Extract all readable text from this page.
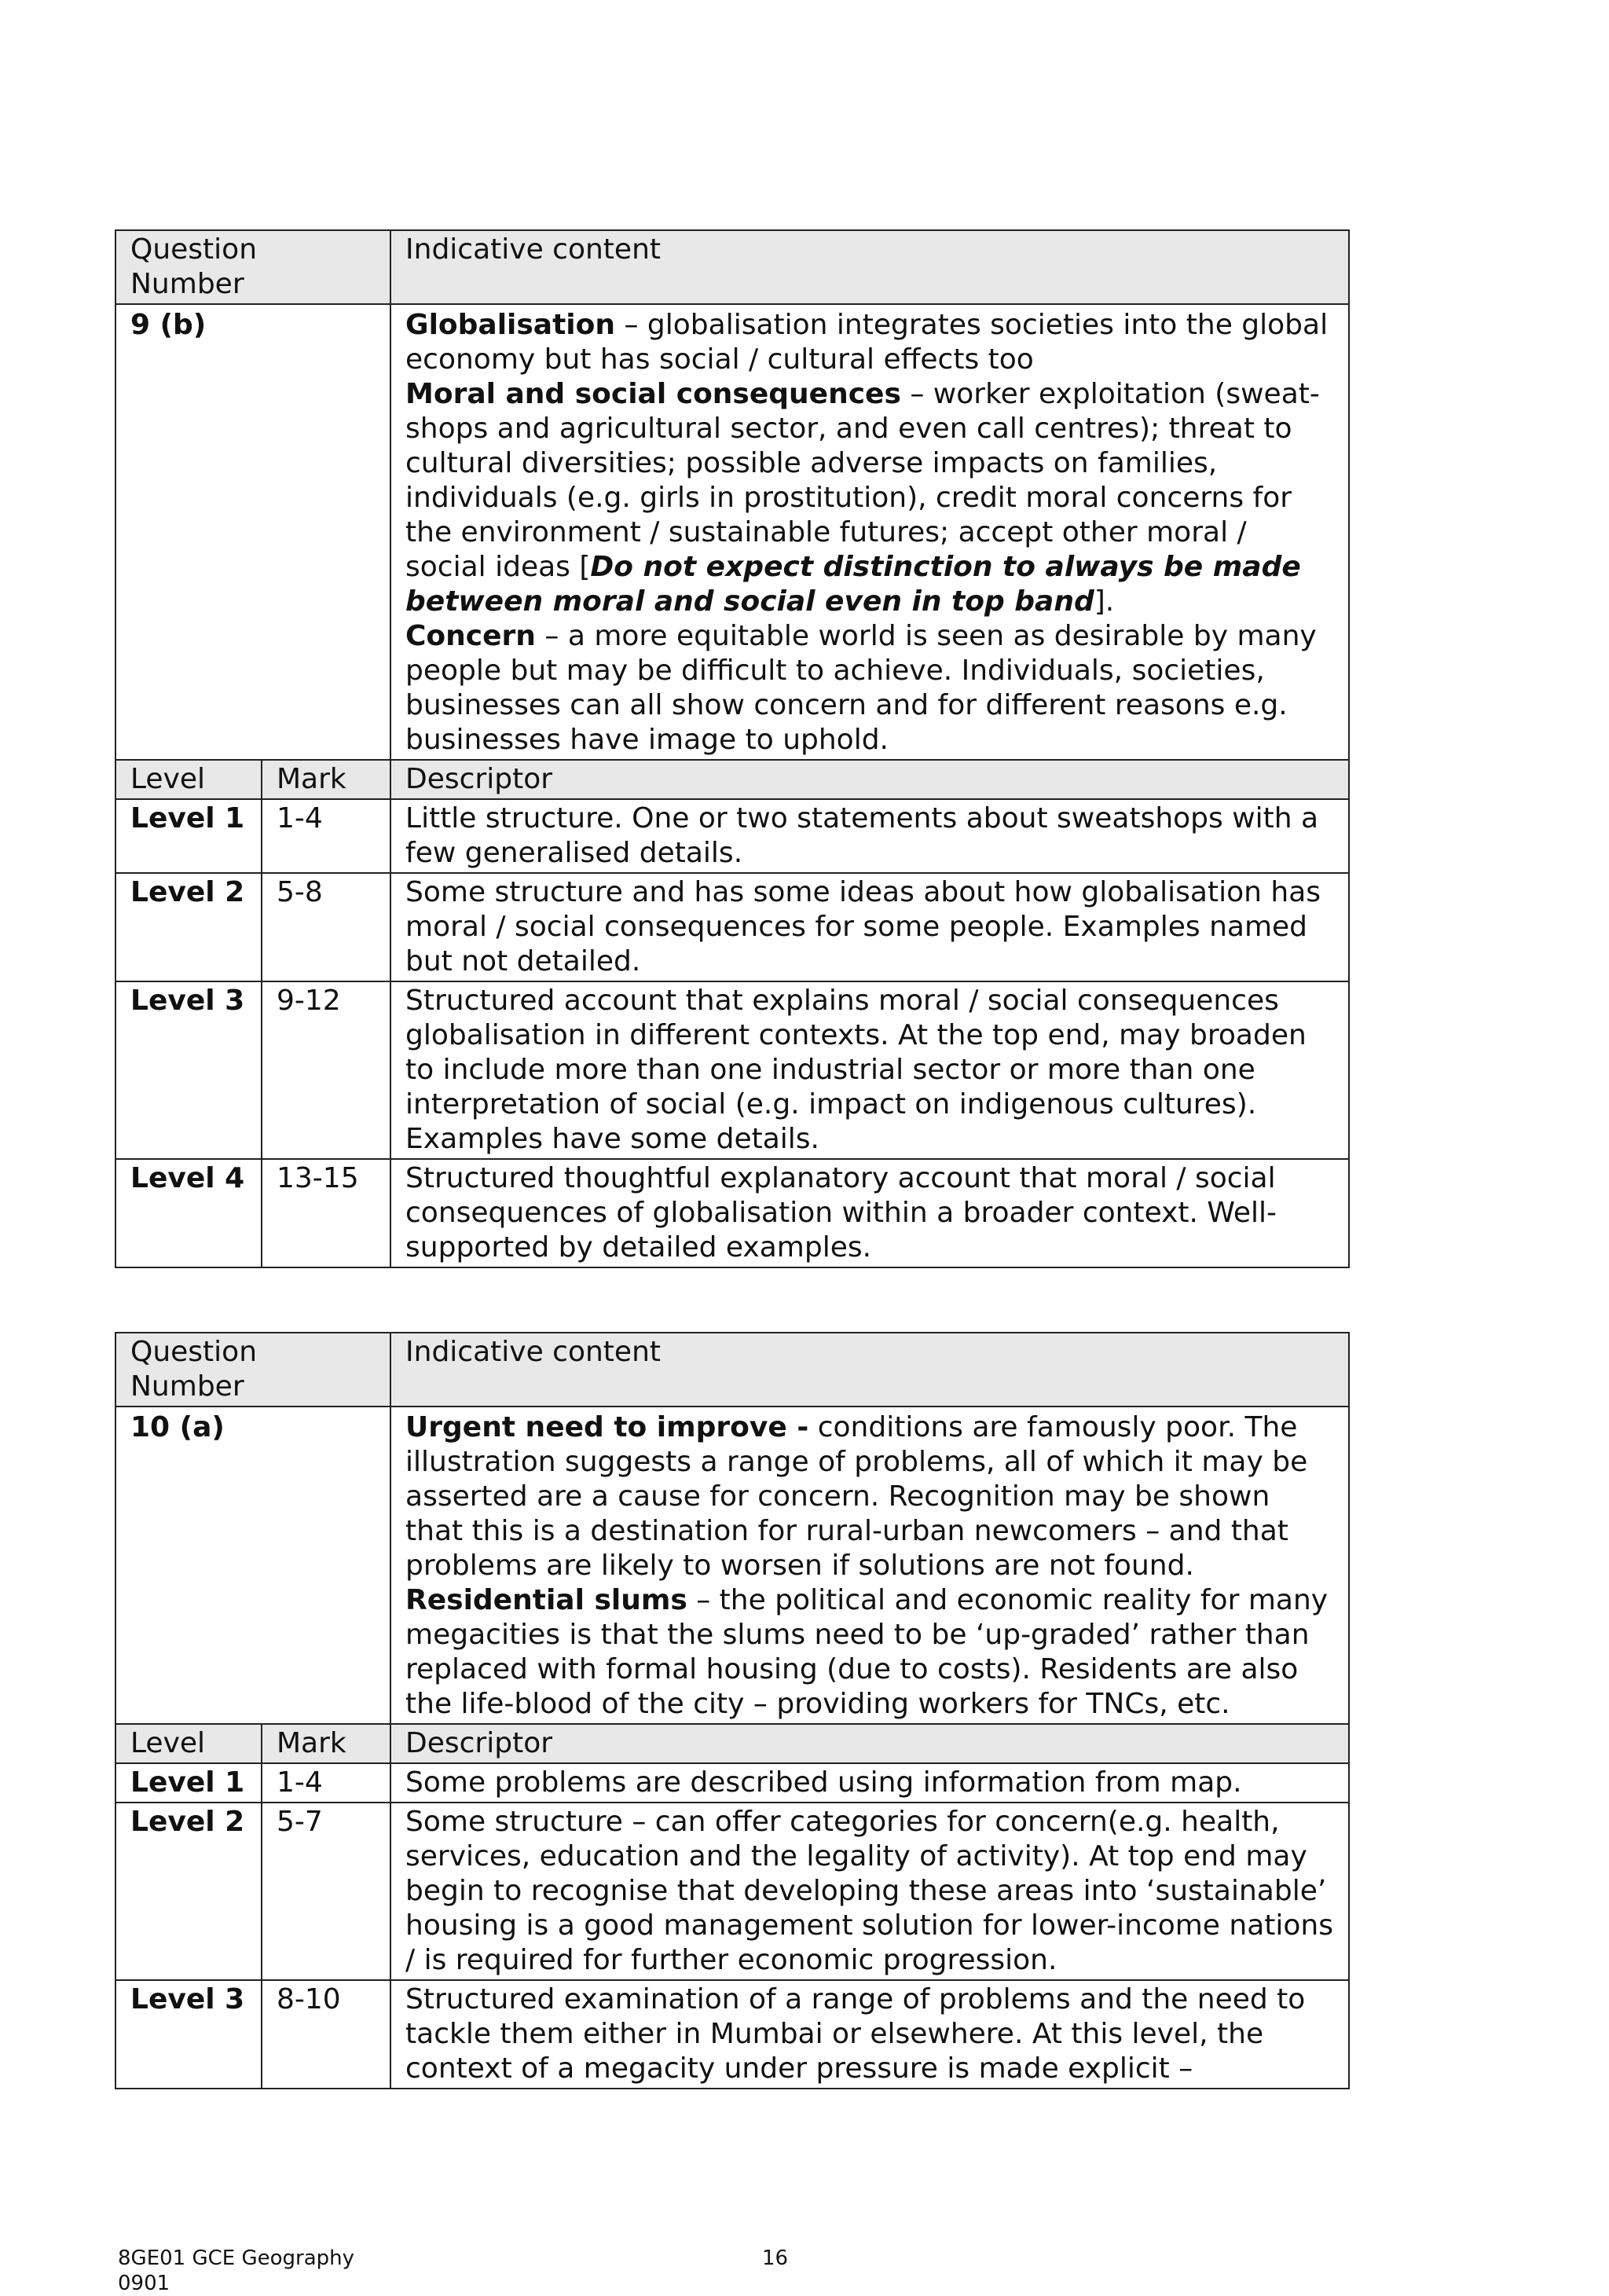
Question Number		Indicative content
9 (b)		Globalisation – globalisation integrates societies into the global economy but has social / cultural effects too

Moral and social consequences – worker exploitation (sweat-shops and agricultural sector, and even call centres); threat to cultural diversities; possible adverse impacts on families, individuals (e.g. girls in prostitution), credit moral concerns for the environment / sustainable futures; accept other moral / social ideas [Do not expect distinction to always be made between moral and social even in top band].

Concern – a more equitable world is seen as desirable by many people but may be difficult to achieve. Individuals, societies, businesses can all show concern and for different reasons e.g. businesses have image to uphold.

Level	Mark	Descriptor
Level 1	1-4	Little structure. One or two statements about sweatshops with a few generalised details.
Level 2	5-8	Some structure and has some ideas about how globalisation has moral / social consequences for some people. Examples named but not detailed.
Level 3	9-12	Structured account that explains moral / social consequences globalisation in different contexts. At the top end, may broaden to include more than one industrial sector or more than one interpretation of social (e.g. impact on indigenous cultures). Examples have some details.
Level 4	13-15	Structured thoughtful explanatory account that moral / social consequences of globalisation within a broader context. Well-supported by detailed examples.
Question Number		Indicative content
10 (a)		Urgent need to improve - conditions are famously poor. The illustration suggests a range of problems, all of which it may be asserted are a cause for concern. Recognition may be shown that this is a destination for rural-urban newcomers – and that problems are likely to worsen if solutions are not found.

Residential slums – the political and economic reality for many megacities is that the slums need to be ‘up-graded’ rather than replaced with formal housing (due to costs). Residents are also the life-blood of the city – providing workers for TNCs, etc.

Level	Mark	Descriptor
Level 1	1-4	Some problems are described using information from map.
Level 2	5-7	Some structure – can offer categories for concern(e.g. health, services, education and the legality of activity). At top end may begin to recognise that developing these areas into ‘sustainable’ housing is a good management solution for lower-income nations / is required for further economic progression.
Level 3	8-10	Structured examination of a range of problems and the need to tackle them either in Mumbai or elsewhere. At this level, the context of a megacity under pressure is made explicit –
8GE01 GCE Geography
0901
16
